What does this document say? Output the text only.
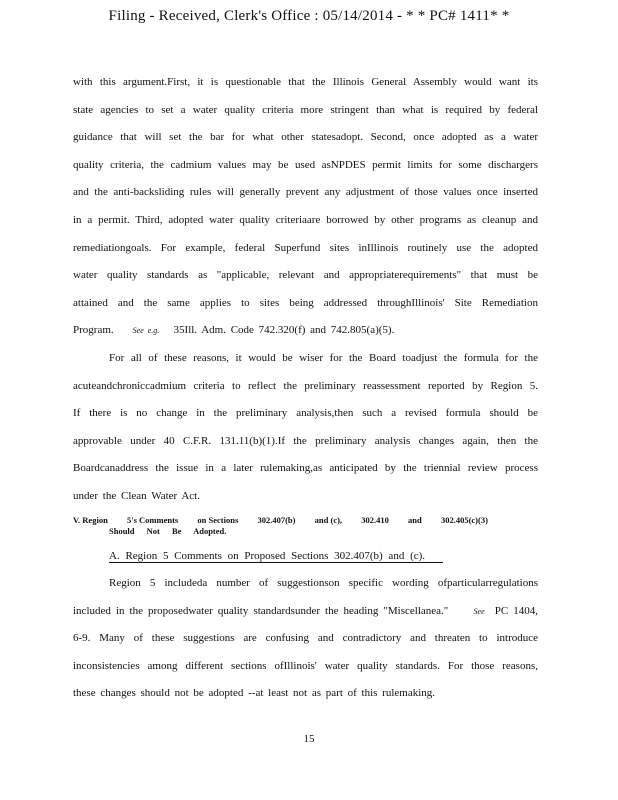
Filing - Received, Clerk's Office : 05/14/2014 - * * PC# 1411* *
with this argument.First, it is questionable that the Illinois General Assembly would want its
state agencies to set a water quality criteria more stringent than what is required by federal
guidance that will set the bar for what other statesadopt. Second, once adopted as a water
quality criteria, the cadmium values may be used asNPDES permit limits for some dischargers
and the anti-backsliding rules will generally prevent any adjustment of those values once inserted
in a permit. Third, adopted water quality criteriaare borrowed by other programs as cleanup and
remediationgoals. For example, federal Superfund sites inIllinois routinely use the adopted
water quality standards as "applicable, relevant and appropriaterequirements" that must be
attained and the same applies to sites being addressed throughIllinois' Site Remediation
Program. See e.g. 35Ill. Adm. Code 742.320(f) and 742.805(a)(5).
For all of these reasons, it would be wiser for the Board toadjust the formula for the
acuteandchroniccadmium criteria to reflect the preliminary reassessment reported by Region 5.
If there is no change in the preliminary analysis,then such a revised formula should be
approvable under 40 C.F.R. 131.11(b)(1).If the preliminary analysis changes again, then the
Boardcanaddress the issue in a later rulemaking,as anticipated by the triennial review process
under the Clean Water Act.
V. Region 5's Comments on Sections 302.407(b) and (c), 302.410 and 302.405(c)(3)
Should Not Be Adopted.
A. Region 5 Comments on Proposed Sections 302.407(b) and (c).
Region 5 includeda number of suggestionson specific wording ofparticularregulations
included in the proposedwater quality standardsunder the heading "Miscellanea."	See PC 1404,
6-9. Many of these suggestions are confusing and contradictory and threaten to introduce
inconsistencies among different sections ofIllinois' water quality standards. For those reasons,
these changes should not be adopted --at least not as part of this rulemaking.
15
